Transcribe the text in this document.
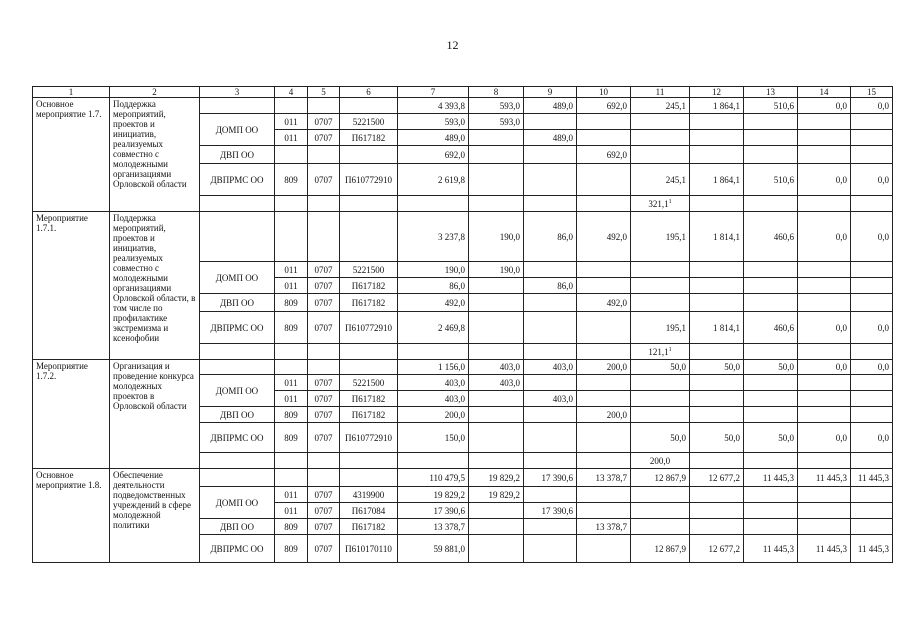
12
1	2	3	4	5	6	7	8	9	10	11	12	13	14	15
Основное мероприятие 1.7.	Поддержка мероприятий, проектов и инициатив, реализуемых совместно с молодежными организациями Орловской области					4 393,8	593,0	489,0	692,0	245,1	1 864,1	510,6	0,0	0,0
		ДОМП ОО	011	0707	5221500	593,0	593,0							
			011	0707	П617182	489,0		489,0						
		ДВП ОО				692,0			692,0					
		ДВПРМС ОО	809	0707	П610772910	2 619,8				245,1	1 864,1	510,6	0,0	0,0
										321,1$^1$				
Мероприятие 1.7.1.	Поддержка мероприятий, проектов и инициатив, реализуемых совместно с молодежными организациями Орловской области, в том числе по профилактике экстремизма и ксенофобии					3 237,8	190,0	86,0	492,0	195,1	1 814,1	460,6	0,0	0,0
		ДОМП ОО	011	0707	5221500	190,0	190,0							
			011	0707	П617182	86,0		86,0						
		ДВП ОО	809	0707	П617182	492,0			492,0					
		ДВПРМС ОО	809	0707	П610772910	2 469,8				195,1	1 814,1	460,6	0,0	0,0
										121,1$^1$				
Мероприятие 1.7.2.	Организация и проведение конкурса молодежных проектов в Орловской области					1 156,0	403,0	403,0	200,0	50,0	50,0	50,0	0,0	0,0
		ДОМП ОО	011	0707	5221500	403,0	403,0							
			011	0707	П617182	403,0		403,0						
		ДВП ОО	809	0707	П617182	200,0			200,0					
		ДВПРМС ОО	809	0707	П610772910	150,0				50,0	50,0	50,0	0,0	0,0
										200,0				
Основное мероприятие 1.8.	Обеспечение деятельности подведомственных учреждений в сфере молодежной политики					110 479,5	19 829,2	17 390,6	13 378,7	12 867,9	12 677,2	11 445,3	11 445,3	11 445,3
		ДОМП ОО	011	0707	4319900	19 829,2	19 829,2							
			011	0707	П617084	17 390,6		17 390,6						
		ДВП ОО	809	0707	П617182	13 378,7			13 378,7					
		ДВПРМС ОО	809	0707	П610170110	59 881,0				12 867,9	12 677,2	11 445,3	11 445,3	11 445,3
